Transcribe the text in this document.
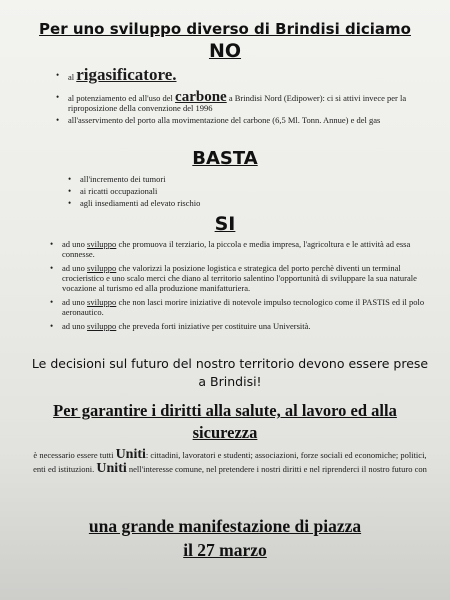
Per uno sviluppo diverso di Brindisi diciamo
NO
• al rigasificatore.
• al potenziamento ed all'uso del carbone a Brindisi Nord (Edipower): ci si attivi invece per la riproposizione della convenzione del 1996
• all'asservimento del porto alla movimentazione del carbone (6,5 Ml. Tonn. Annue) e del gas
BASTA
• all'incremento dei tumori
• ai ricatti occupazionali
• agli insediamenti ad elevato rischio
SI
• ad uno sviluppo che promuova il terziario, la piccola e media impresa, l'agricoltura e le attività ad essa connesse.
• ad uno sviluppo che valorizzi la posizione logistica e strategica del porto perchè diventi un terminal crocieristico e uno scalo merci che diano al territorio salentino l'opportunità di sviluppare la sua naturale vocazione al turismo ed alla produzione manifatturiera.
• ad uno sviluppo che non lasci morire iniziative di notevole impulso tecnologico come il PASTIS ed il polo aeronautico.
• ad uno sviluppo che preveda forti iniziative per costituire una Università.
Le decisioni sul futuro del nostro territorio devono essere prese a Brindisi!
Per garantire i diritti alla salute, al lavoro ed alla sicurezza
è necessario essere tutti Uniti: cittadini, lavoratori e studenti; associazioni, forze sociali ed economiche; politici, enti ed istituzioni. Uniti nell'interesse comune, nel pretendere i nostri diritti e nel riprenderci il nostro futuro con
una grande manifestazione di piazza
il 27 marzo
